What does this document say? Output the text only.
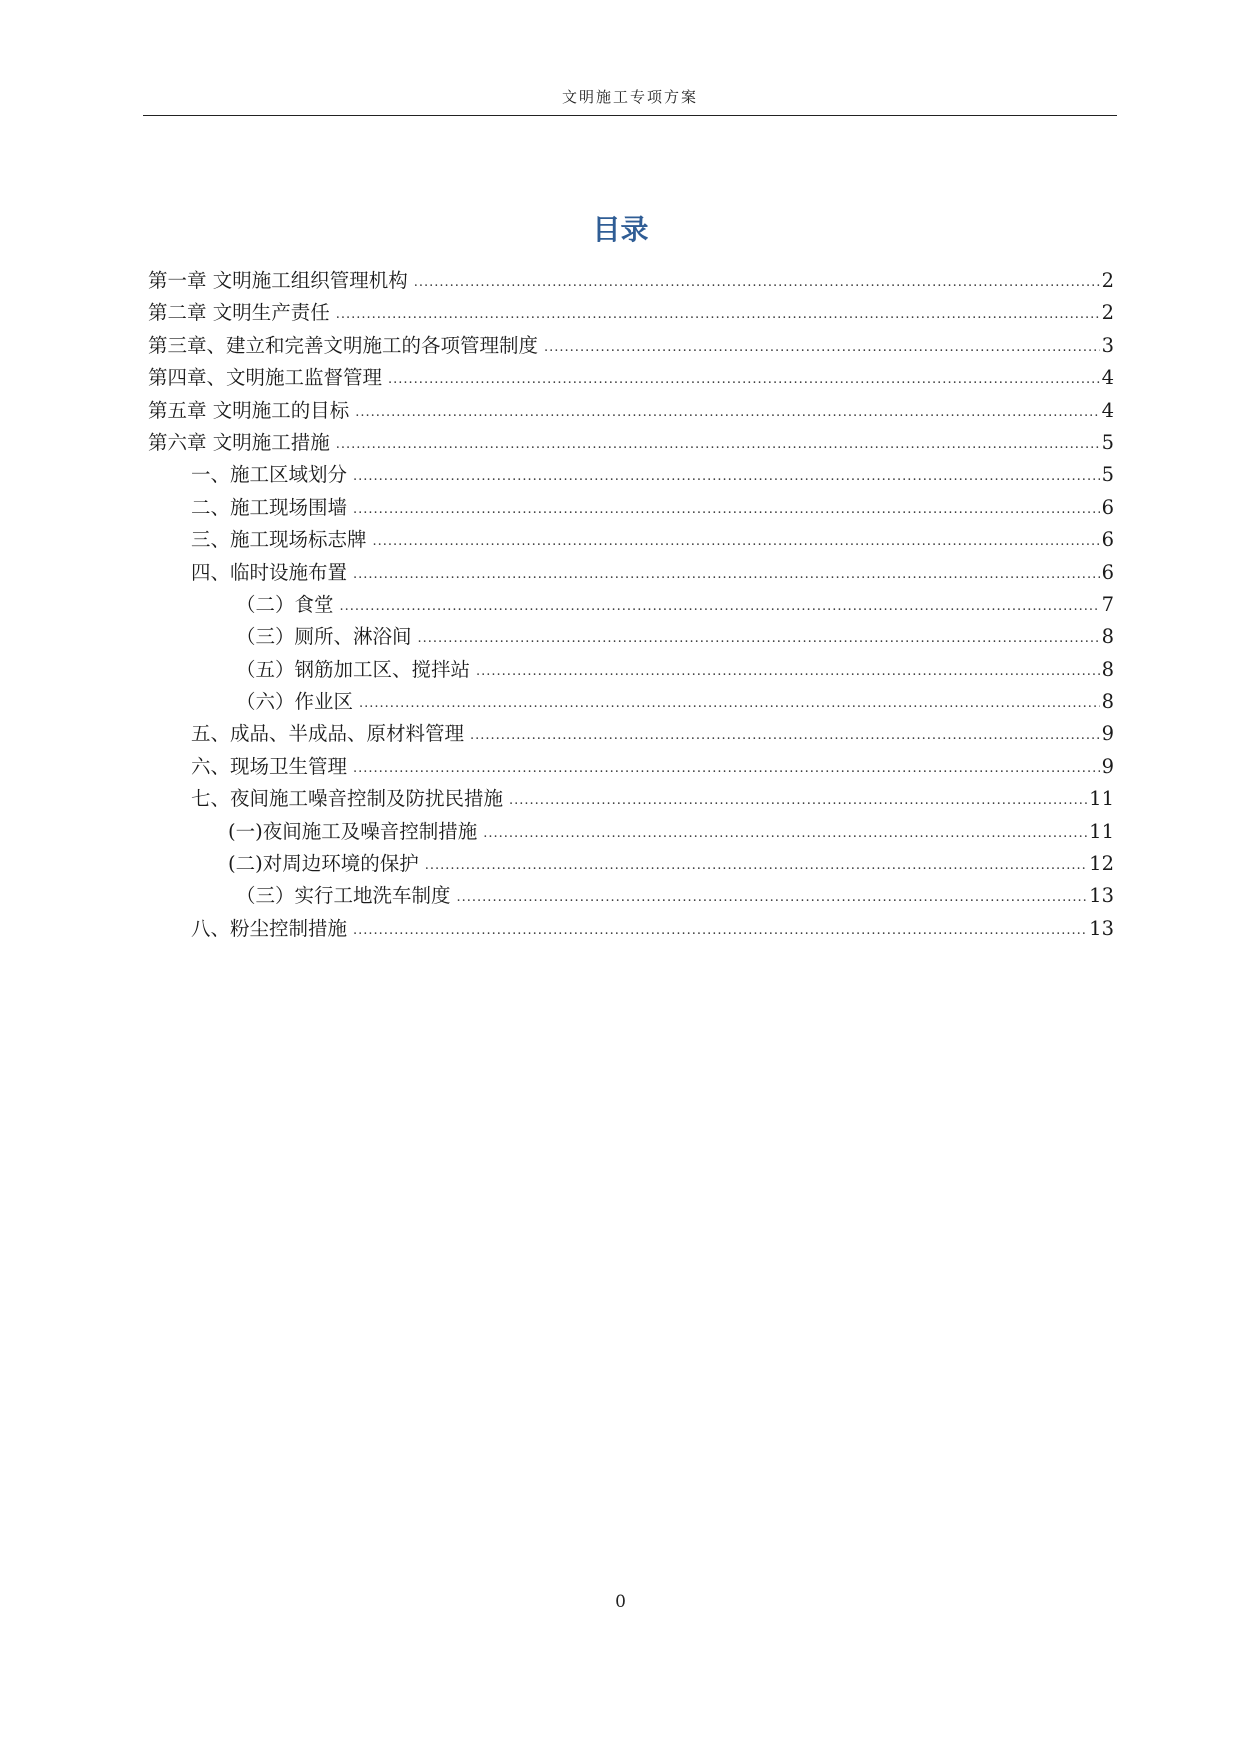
文明施工专项方案
目录
第一章 文明施工组织管理机构 .....	2
第二章 文明生产责任 .....	2
第三章、建立和完善文明施工的各项管理制度 .....	3
第四章、文明施工监督管理 .....	4
第五章 文明施工的目标 .....	4
第六章 文明施工措施 .....	5
一、施工区域划分 .....	5
二、施工现场围墙 .....	6
三、施工现场标志牌 .....	6
四、临时设施布置 .....	6
（二）食堂 .....	7
（三）厕所、淋浴间 .....	8
（五）钢筋加工区、搅拌站 .....	8
（六）作业区 .....	8
五、成品、半成品、原材料管理 .....	9
六、现场卫生管理 .....	9
七、夜间施工噪音控制及防扰民措施 .....	11
(一)夜间施工及噪音控制措施 .....	11
(二)对周边环境的保护 .....	12
（三）实行工地洗车制度 .....	13
八、粉尘控制措施 .....	13
0
